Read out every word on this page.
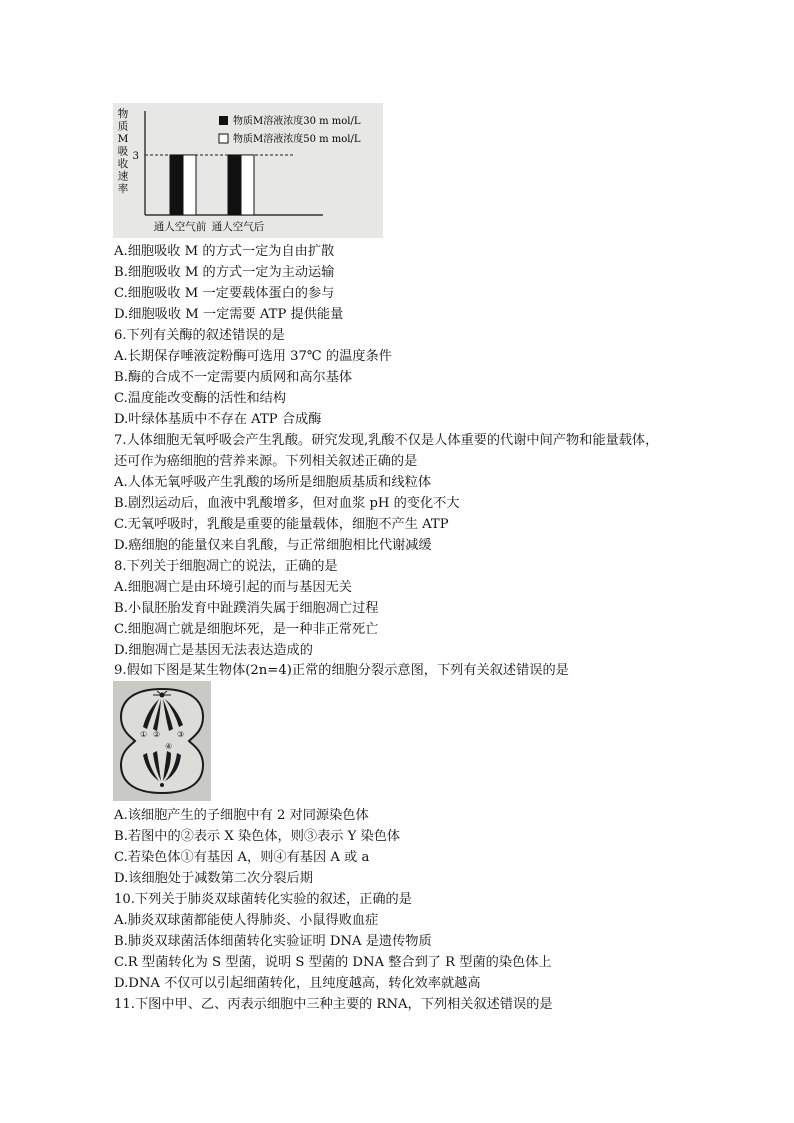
物
质
M
吸
收
速
率
3
通人空气前 通人空气后
物质M溶液浓度30 m mol/L
物质M溶液浓度50 m mol/L
① ② ③
④
A.细胞吸收 M 的方式一定为自由扩散
B.细胞吸收 M 的方式一定为主动运输
C.细胞吸收 M 一定要载体蛋白的参与
D.细胞吸收 M 一定需要 ATP 提供能量
6.下列有关酶的叙述错误的是
A.长期保存唾液淀粉酶可选用 37℃ 的温度条件
B.酶的合成不一定需要内质网和高尔基体
C.温度能改变酶的活性和结构
D.叶绿体基质中不存在 ATP 合成酶
7.人体细胞无氧呼吸会产生乳酸。研究发现,乳酸不仅是人体重要的代谢中间产物和能量载体，
还可作为癌细胞的营养来源。下列相关叙述正确的是
A.人体无氧呼吸产生乳酸的场所是细胞质基质和线粒体
B.剧烈运动后，血液中乳酸增多，但对血浆 pH 的变化不大
C.无氧呼吸时，乳酸是重要的能量载体，细胞不产生 ATP
D.癌细胞的能量仅来自乳酸，与正常细胞相比代谢减缓
8.下列关于细胞凋亡的说法，正确的是
A.细胞凋亡是由环境引起的而与基因无关
B.小鼠胚胎发育中趾蹼消失属于细胞凋亡过程
C.细胞凋亡就是细胞坏死，是一种非正常死亡
D.细胞凋亡是基因无法表达造成的
9.假如下图是某生物体(2n=4)正常的细胞分裂示意图，下列有关叙述错误的是
A.该细胞产生的子细胞中有 2 对同源染色体
B.若图中的②表示 X 染色体，则③表示 Y 染色体
C.若染色体①有基因 A，则④有基因 A 或 a
D.该细胞处于减数第二次分裂后期
10.下列关于肺炎双球菌转化实验的叙述，正确的是
A.肺炎双球菌都能使人得肺炎、小鼠得败血症
B.肺炎双球菌活体细菌转化实验证明 DNA 是遗传物质
C.R 型菌转化为 S 型菌，说明 S 型菌的 DNA 整合到了 R 型菌的染色体上
D.DNA 不仅可以引起细菌转化，且纯度越高，转化效率就越高
11.下图中甲、乙、丙表示细胞中三种主要的 RNA，下列相关叙述错误的是
